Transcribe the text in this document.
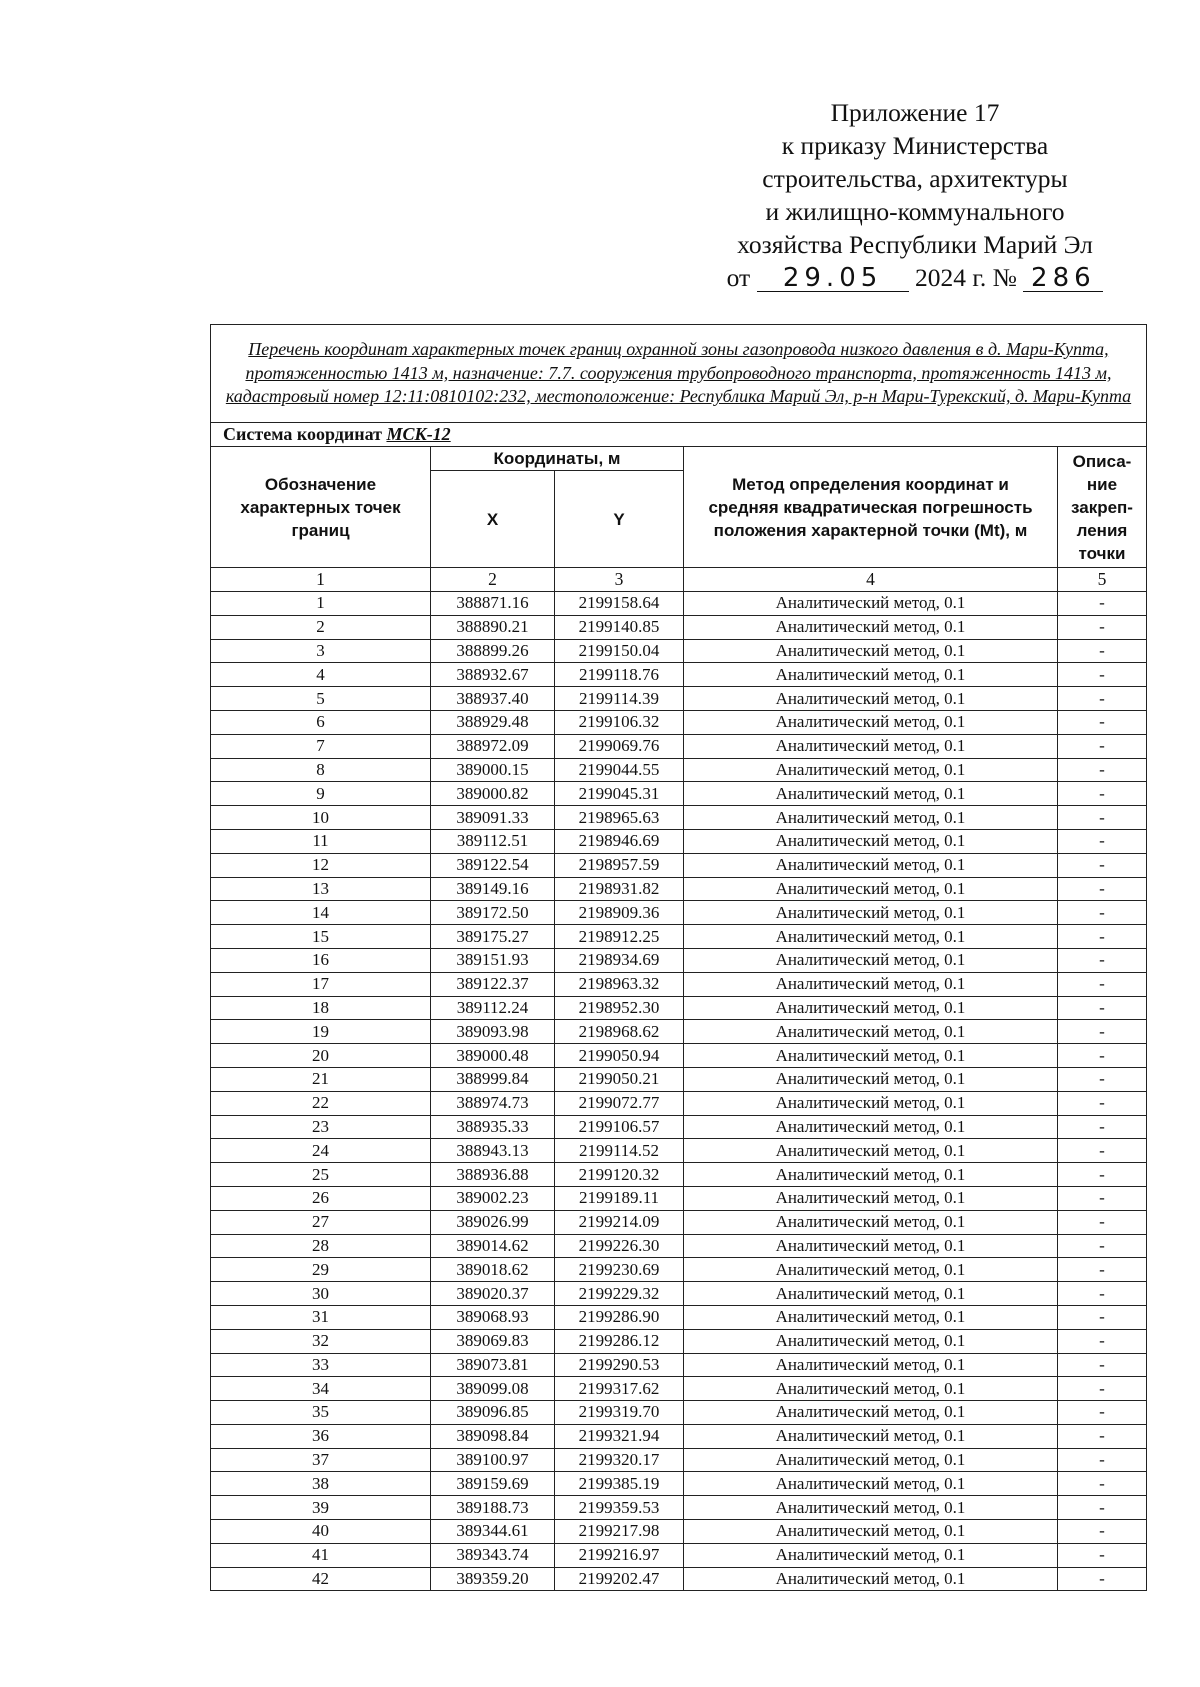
Приложение 17
к приказу Министерства
строительства, архитектуры
и жилищно-коммунального
хозяйства Республики Марий Эл
от 29.05 2024 г. № 286
Перечень координат характерных точек границ охранной зоны газопровода низкого давления в д. Мари-Купта, протяженностью 1413 м, назначение: 7.7. сооружения трубопроводного транспорта, протяженность 1413 м, кадастровый номер 12:11:0810102:232, местоположение: Республика Марий Эл, р-н Мари-Турекский, д. Мари-Купта				
Система координат МСК-12				
Обозначение характерных точек границ	Координаты, м		Метод определения координат и средняя квадратическая погрешность положения характерной точки (Mt), м	Описа-ние закреп-ления точки
	X	Y		
1	2	3	4	5
1	388871.16	2199158.64	Аналитический метод, 0.1	-
2	388890.21	2199140.85	Аналитический метод, 0.1	-
3	388899.26	2199150.04	Аналитический метод, 0.1	-
4	388932.67	2199118.76	Аналитический метод, 0.1	-
5	388937.40	2199114.39	Аналитический метод, 0.1	-
6	388929.48	2199106.32	Аналитический метод, 0.1	-
7	388972.09	2199069.76	Аналитический метод, 0.1	-
8	389000.15	2199044.55	Аналитический метод, 0.1	-
9	389000.82	2199045.31	Аналитический метод, 0.1	-
10	389091.33	2198965.63	Аналитический метод, 0.1	-
11	389112.51	2198946.69	Аналитический метод, 0.1	-
12	389122.54	2198957.59	Аналитический метод, 0.1	-
13	389149.16	2198931.82	Аналитический метод, 0.1	-
14	389172.50	2198909.36	Аналитический метод, 0.1	-
15	389175.27	2198912.25	Аналитический метод, 0.1	-
16	389151.93	2198934.69	Аналитический метод, 0.1	-
17	389122.37	2198963.32	Аналитический метод, 0.1	-
18	389112.24	2198952.30	Аналитический метод, 0.1	-
19	389093.98	2198968.62	Аналитический метод, 0.1	-
20	389000.48	2199050.94	Аналитический метод, 0.1	-
21	388999.84	2199050.21	Аналитический метод, 0.1	-
22	388974.73	2199072.77	Аналитический метод, 0.1	-
23	388935.33	2199106.57	Аналитический метод, 0.1	-
24	388943.13	2199114.52	Аналитический метод, 0.1	-
25	388936.88	2199120.32	Аналитический метод, 0.1	-
26	389002.23	2199189.11	Аналитический метод, 0.1	-
27	389026.99	2199214.09	Аналитический метод, 0.1	-
28	389014.62	2199226.30	Аналитический метод, 0.1	-
29	389018.62	2199230.69	Аналитический метод, 0.1	-
30	389020.37	2199229.32	Аналитический метод, 0.1	-
31	389068.93	2199286.90	Аналитический метод, 0.1	-
32	389069.83	2199286.12	Аналитический метод, 0.1	-
33	389073.81	2199290.53	Аналитический метод, 0.1	-
34	389099.08	2199317.62	Аналитический метод, 0.1	-
35	389096.85	2199319.70	Аналитический метод, 0.1	-
36	389098.84	2199321.94	Аналитический метод, 0.1	-
37	389100.97	2199320.17	Аналитический метод, 0.1	-
38	389159.69	2199385.19	Аналитический метод, 0.1	-
39	389188.73	2199359.53	Аналитический метод, 0.1	-
40	389344.61	2199217.98	Аналитический метод, 0.1	-
41	389343.74	2199216.97	Аналитический метод, 0.1	-
42	389359.20	2199202.47	Аналитический метод, 0.1	-
